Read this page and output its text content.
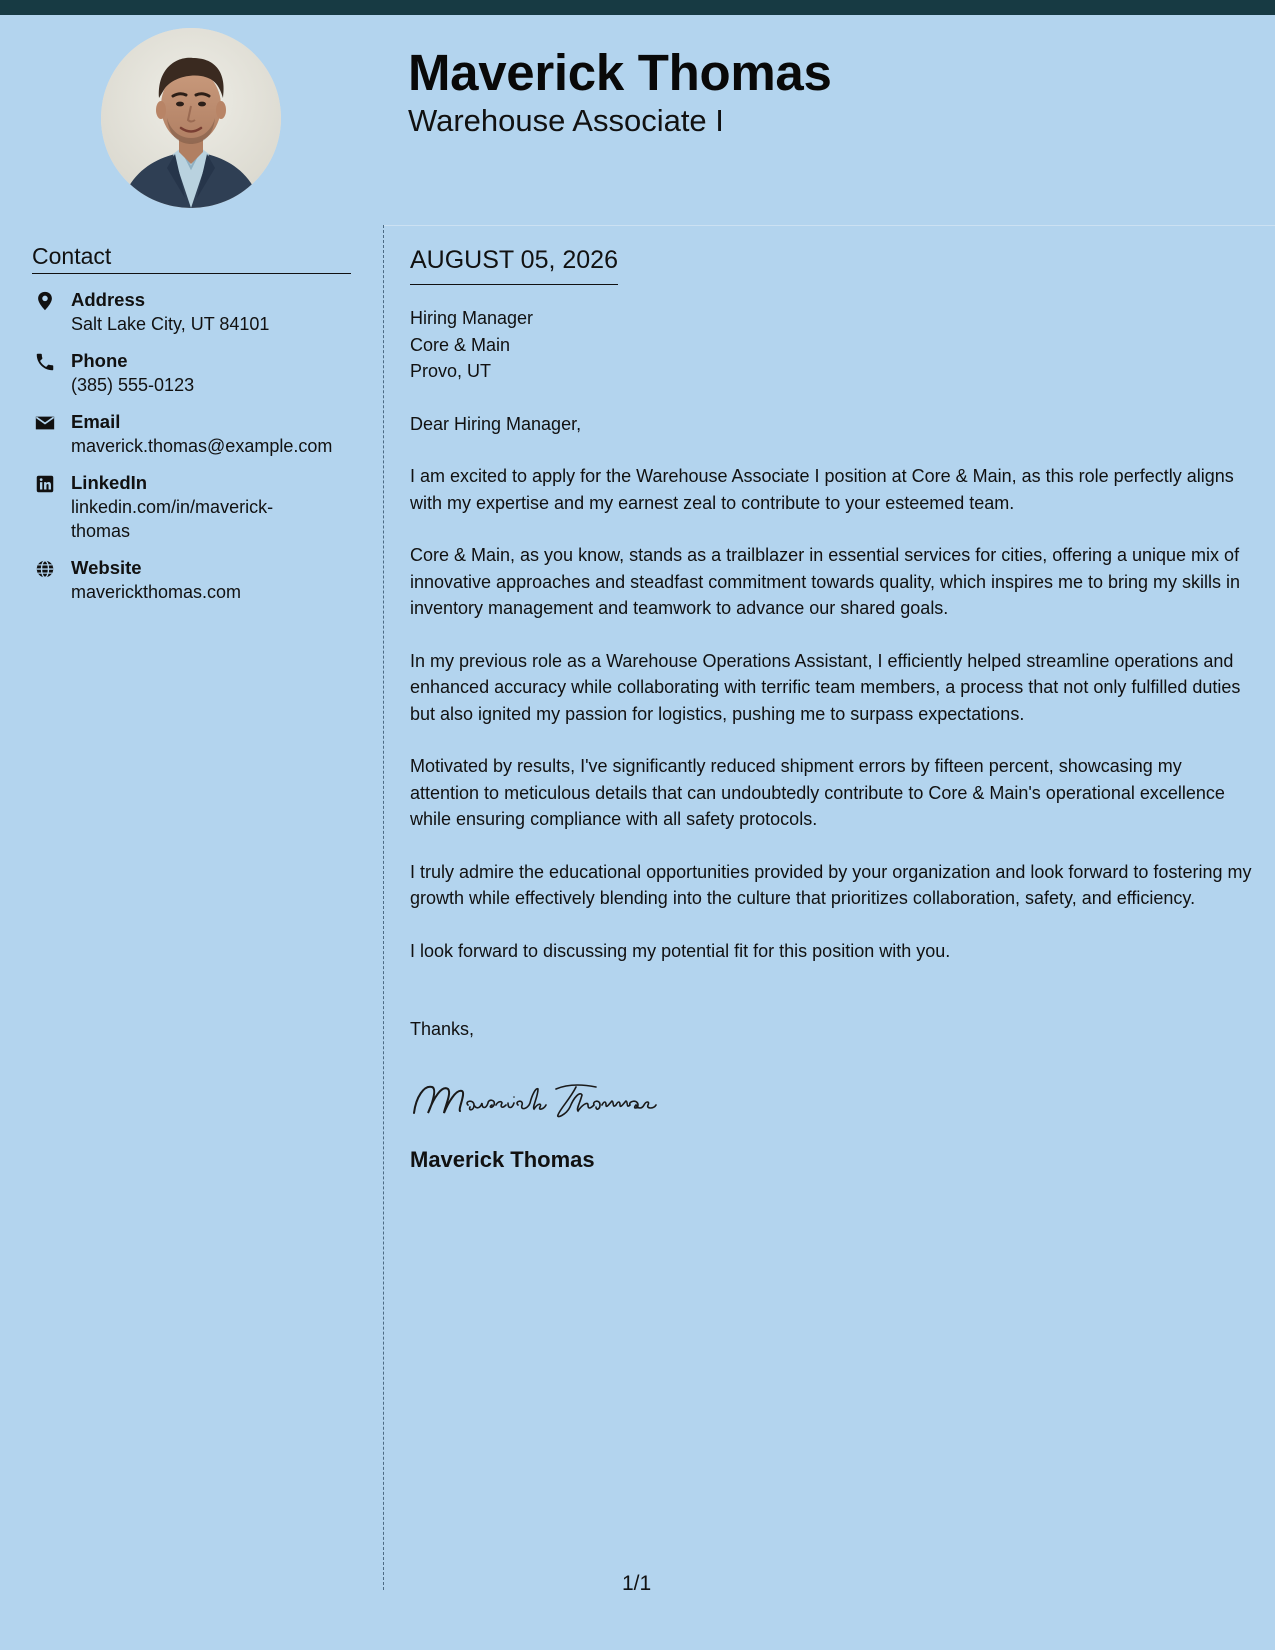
Maverick Thomas
Warehouse Associate I
Contact
Address
Salt Lake City, UT 84101
Phone
(385) 555-0123
Email
maverick.thomas@example.com
LinkedIn
linkedin.com/in/maverick-thomas
Website
maverickthomas.com
AUGUST 05, 2026
Hiring Manager
Core & Main
Provo, UT
Dear Hiring Manager,
I am excited to apply for the Warehouse Associate I position at Core & Main, as this role perfectly aligns with my expertise and my earnest zeal to contribute to your esteemed team.
Core & Main, as you know, stands as a trailblazer in essential services for cities, offering a unique mix of innovative approaches and steadfast commitment towards quality, which inspires me to bring my skills in inventory management and teamwork to advance our shared goals.
In my previous role as a Warehouse Operations Assistant, I efficiently helped streamline operations and enhanced accuracy while collaborating with terrific team members, a process that not only fulfilled duties but also ignited my passion for logistics, pushing me to surpass expectations.
Motivated by results, I've significantly reduced shipment errors by fifteen percent, showcasing my attention to meticulous details that can undoubtedly contribute to Core & Main's operational excellence while ensuring compliance with all safety protocols.
I truly admire the educational opportunities provided by your organization and look forward to fostering my growth while effectively blending into the culture that prioritizes collaboration, safety, and efficiency.
I look forward to discussing my potential fit for this position with you.
Thanks,
Maverick Thomas
1/1
